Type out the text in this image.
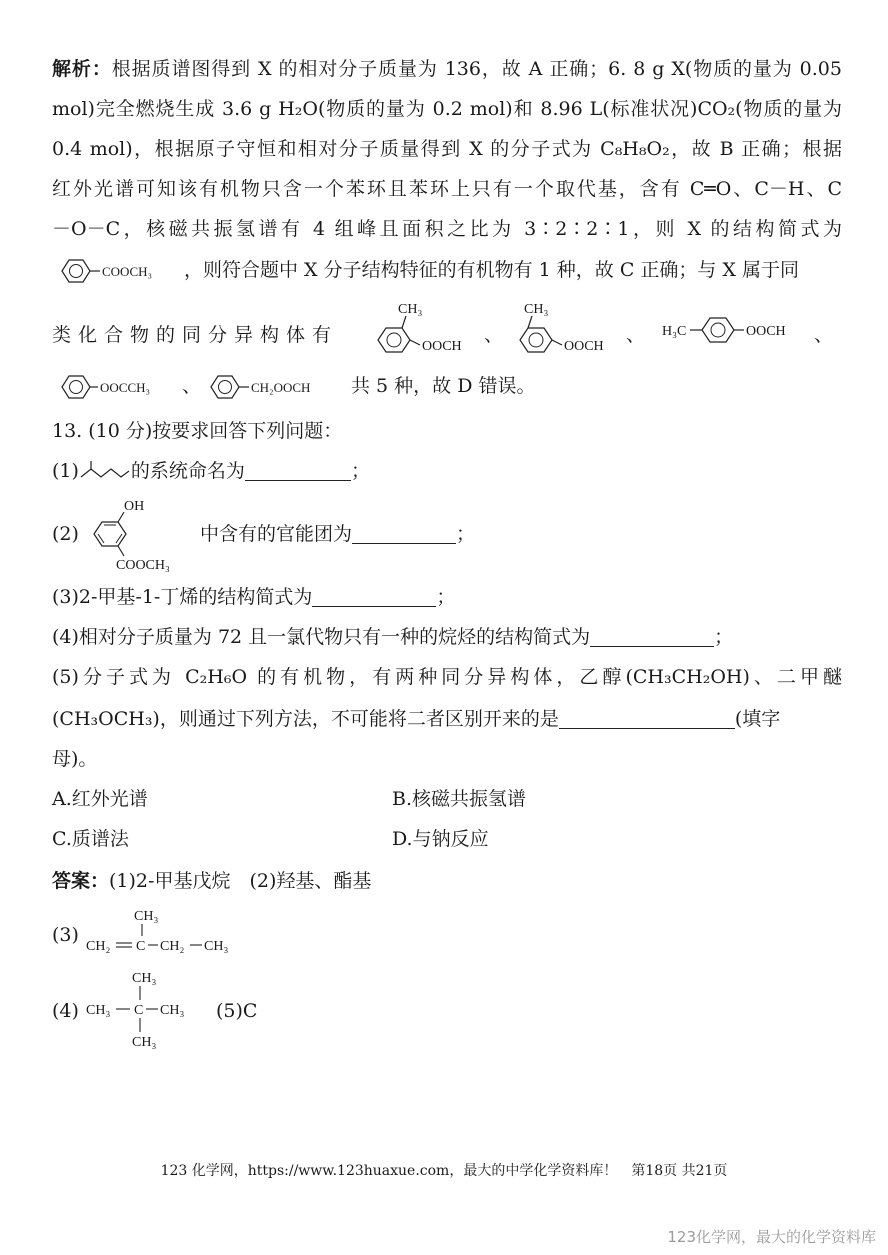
解析：根据质谱图得到 X 的相对分子质量为 136，故 A 正确；6. 8 g X(物质的量为 0.05
mol)完全燃烧生成 3.6 g H₂O(物质的量为 0.2 mol)和 8.96 L(标准状况)CO₂(物质的量为
0.4 mol)，根据原子守恒和相对分子质量得到 X 的分子式为 C₈H₈O₂，故 B 正确；根据
红外光谱可知该有机物只含一个苯环且苯环上只有一个取代基，含有 C═O、C－H、C
－O－C，核磁共振氢谱有 4 组峰且面积之比为 3∶2∶2∶1，则 X 的结构简式为
COOCH₃ ，则符合题中 X 分子结构特征的有机物有 1 种，故 C 正确；与 X 属于同
类化合物的同分异构体有
CH₃
OOCH
、
CH₃
OOCH
、 H₃C	OOCH 、
OOCCH₃ 、	CH₂OOCH 共 5 种，故 D 错误。
13. (10 分)按要求回答下列问题：
(1)	的系统命名为	；
(2)
OH
COOCH₃
中含有的官能团为	；
(3)2-甲基-1-丁烯的结构简式为	；
(4)相对分子质量为 72 且一氯代物只有一种的烷烃的结构简式为	；
(5)分子式为 C₂H₆O 的有机物，有两种同分异构体，乙醇(CH₃CH₂OH)、二甲醚
(CH₃OCH₃)，则通过下列方法，不可能将二者区别开来的是	(填字
母)。
A.红外光谱	B.核磁共振氢谱
C.质谱法	D.与钠反应
答案：(1)2-甲基戊烷　(2)羟基、酯基
(3)
CH₃
CH₂ C CH₂ CH₃
(4)
CH₃
CH₃ C CH₃
CH₃
(5)C
123 化学网，https://www.123huaxue.com，最大的中学化学资料库！　第18页 共21页
123化学网，最大的化学资料库
